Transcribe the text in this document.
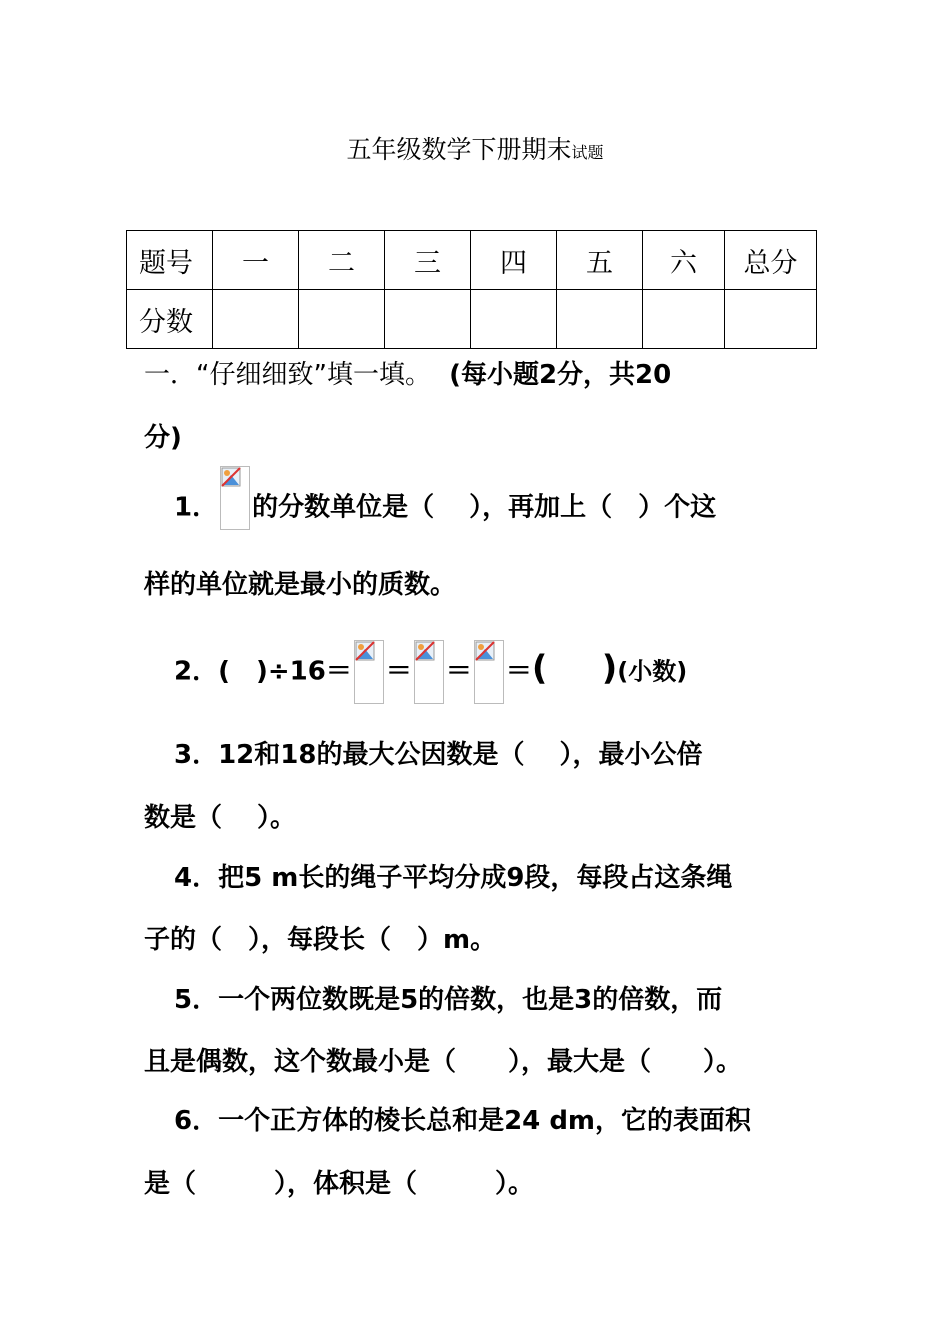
五年级数学下册期末试题
题号	一	二	三	四	五	六	总分
分数							
一．“仔细细致”填一填。 (每小题2分，共20
分)
1． 的分数单位是（　 ），再加上（　）个这
样的单位就是最小的质数。
2．(　)÷16＝ ＝ ＝ ＝( )(小数)
3．12和18的最大公因数是（　 ），最小公倍
数是（　 ）。
4．把5 m长的绳子平均分成9段，每段占这条绳
子的（　），每段长（　）m。
5．一个两位数既是5的倍数，也是3的倍数，而
且是偶数，这个数最小是（　　），最大是（　　）。
6．一个正方体的棱长总和是24 dm，它的表面积
是（　　　），体积是（　　　）。
